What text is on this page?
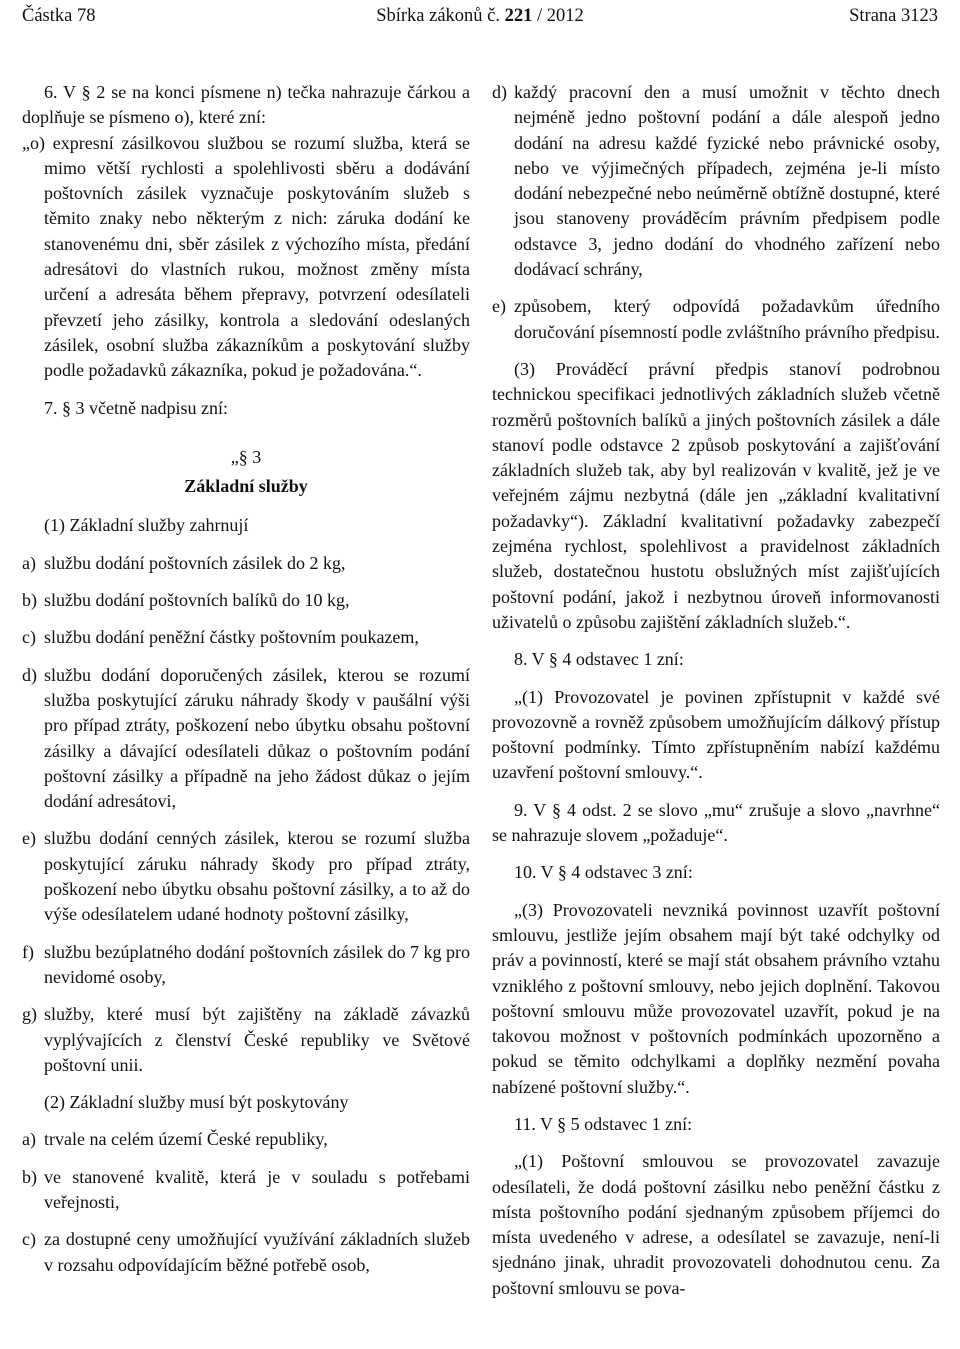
Částka 78	Sbírka zákonů č. 221 / 2012	Strana 3123

6. V § 2 se na konci písmene n) tečka nahrazuje čárkou a doplňuje se písmeno o), které zní:

„o) expresní zásilkovou službou se rozumí služba, která se mimo větší rychlosti a spolehlivosti sběru a dodávání poštovních zásilek vyznačuje poskytováním služeb s těmito znaky nebo některým z nich: záruka dodání ke stanovenému dni, sběr zásilek z výchozího místa, předání adresátovi do vlastních rukou, možnost změny místa určení a adresáta během přepravy, potvrzení odesílateli převzetí jeho zásilky, kontrola a sledování odeslaných zásilek, osobní služba zákazníkům a poskytování služby podle požadavků zákazníka, pokud je požadována.“.

7. § 3 včetně nadpisu zní:

„§ 3

Základní služby

(1) Základní služby zahrnují

a) službu dodání poštovních zásilek do 2 kg,
b) službu dodání poštovních balíků do 10 kg,
c) službu dodání peněžní částky poštovním poukazem,
d) službu dodání doporučených zásilek, kterou se rozumí služba poskytující záruku náhrady škody v paušální výši pro případ ztráty, poškození nebo úbytku obsahu poštovní zásilky a dávající odesílateli důkaz o poštovním podání poštovní zásilky a případně na jeho žádost důkaz o jejím dodání adresátovi,
e) službu dodání cenných zásilek, kterou se rozumí služba poskytující záruku náhrady škody pro případ ztráty, poškození nebo úbytku obsahu poštovní zásilky, a to až do výše odesílatelem udané hodnoty poštovní zásilky,
f) službu bezúplatného dodání poštovních zásilek do 7 kg pro nevidomé osoby,
g) služby, které musí být zajištěny na základě závazků vyplývajících z členství České republiky ve Světové poštovní unii.

(2) Základní služby musí být poskytovány

a) trvale na celém území České republiky,
b) ve stanovené kvalitě, která je v souladu s potřebami veřejnosti,
c) za dostupné ceny umožňující využívání základních služeb v rozsahu odpovídajícím běžné potřebě osob,
d) každý pracovní den a musí umožnit v těchto dnech nejméně jedno poštovní podání a dále alespoň jedno dodání na adresu každé fyzické nebo právnické osoby, nebo ve výjimečných případech, zejména je-li místo dodání nebezpečné nebo neúměrně obtížně dostupné, které jsou stanoveny prováděcím právním předpisem podle odstavce 3, jedno dodání do vhodného zařízení nebo dodávací schrány,
e) způsobem, který odpovídá požadavkům úředního doručování písemností podle zvláštního právního předpisu.

(3) Prováděcí právní předpis stanoví podrobnou technickou specifikaci jednotlivých základních služeb včetně rozměrů poštovních balíků a jiných poštovních zásilek a dále stanoví podle odstavce 2 způsob poskytování a zajišťování základních služeb tak, aby byl realizován v kvalitě, jež je ve veřejném zájmu nezbytná (dále jen „základní kvalitativní požadavky“). Základní kvalitativní požadavky zabezpečí zejména rychlost, spolehlivost a pravidelnost základních služeb, dostatečnou hustotu obslužných míst zajišťujících poštovní podání, jakož i nezbytnou úroveň informovanosti uživatelů o způsobu zajištění základních služeb.“.

8. V § 4 odstavec 1 zní:

„(1) Provozovatel je povinen zpřístupnit v každé své provozovně a rovněž způsobem umožňujícím dálkový přístup poštovní podmínky. Tímto zpřístupněním nabízí každému uzavření poštovní smlouvy.“.

9. V § 4 odst. 2 se slovo „mu“ zrušuje a slovo „navrhne“ se nahrazuje slovem „požaduje“.

10. V § 4 odstavec 3 zní:

„(3) Provozovateli nevzniká povinnost uzavřít poštovní smlouvu, jestliže jejím obsahem mají být také odchylky od práv a povinností, které se mají stát obsahem právního vztahu vzniklého z poštovní smlouvy, nebo jejich doplnění. Takovou poštovní smlouvu může provozovatel uzavřít, pokud je na takovou možnost v poštovních podmínkách upozorněno a pokud se těmito odchylkami a doplňky nezmění povaha nabízené poštovní služby.“.

11. V § 5 odstavec 1 zní:

„(1) Poštovní smlouvou se provozovatel zavazuje odesílateli, že dodá poštovní zásilku nebo peněžní částku z místa poštovního podání sjednaným způsobem příjemci do místa uvedeného v adrese, a odesílatel se zavazuje, není-li sjednáno jinak, uhradit provozovateli dohodnutou cenu. Za poštovní smlouvu se pova-
